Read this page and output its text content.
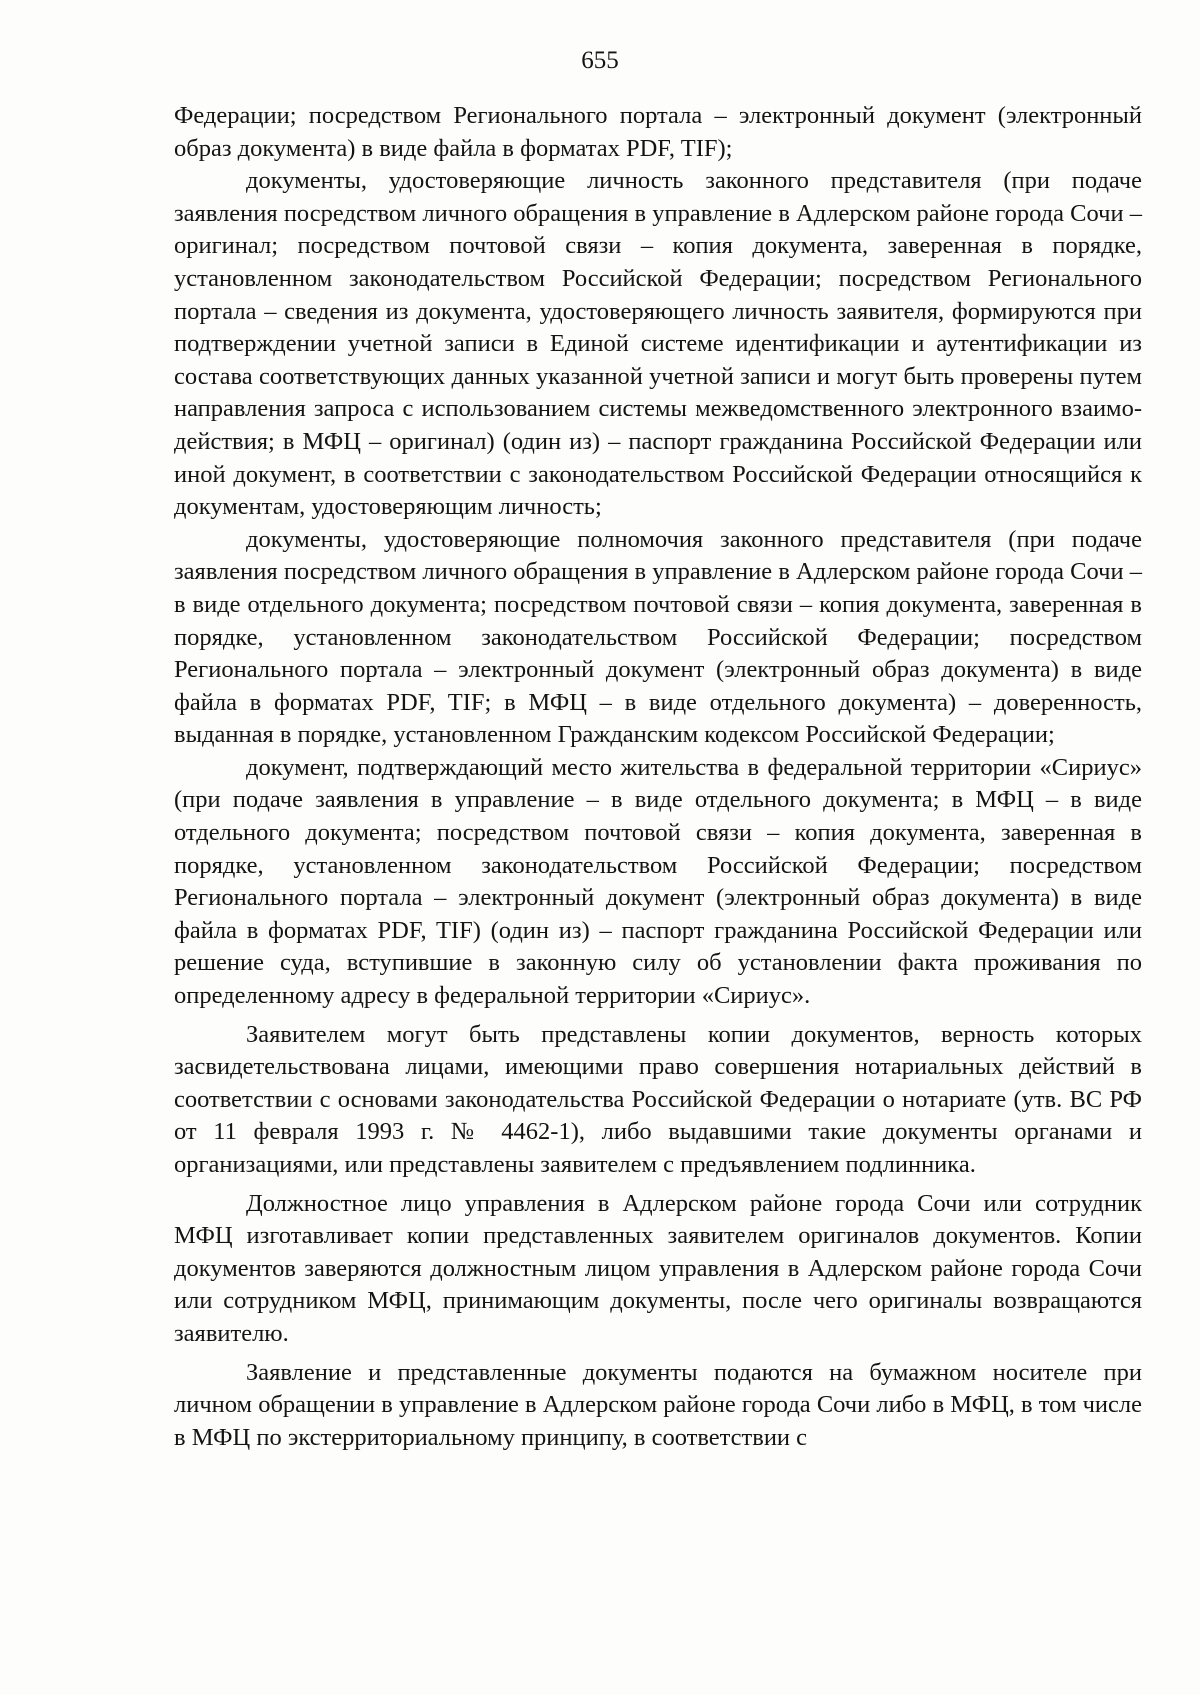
655

Федерации; посредством Регионального портала – электронный документ (электронный образ документа) в виде файла в форматах PDF, TIF);

документы, удостоверяющие личность законного представителя (при подаче заявления посредством личного обращения в управление в Адлерском районе города Сочи – оригинал; посредством почтовой связи – копия документа, заверенная в порядке, установленном законодательством Российской Федерации; посредством Регионального портала – сведения из документа, удостоверяющего личность заявителя, формируются при подтверждении учетной записи в Единой системе идентификации и аутентификации из состава соответствующих данных указанной учетной записи и могут быть проверены путем направления запроса с использованием системы межведомственного электронного взаимодействия; в МФЦ – оригинал) (один из) – паспорт гражданина Российской Федерации или иной документ, в соответствии с законодательством Российской Федерации относящийся к документам, удостоверяющим личность;

документы, удостоверяющие полномочия законного представителя (при подаче заявления посредством личного обращения в управление в Адлерском районе города Сочи – в виде отдельного документа; посредством почтовой связи – копия документа, заверенная в порядке, установленном законодательством Российской Федерации; посредством Регионального портала – электронный документ (электронный образ документа) в виде файла в форматах PDF, TIF; в МФЦ – в виде отдельного документа) – доверенность, выданная в порядке, установленном Гражданским кодексом Российской Федерации;

документ, подтверждающий место жительства в федеральной территории «Сириус» (при подаче заявления в управление – в виде отдельного документа; в МФЦ – в виде отдельного документа; посредством почтовой связи – копия документа, заверенная в порядке, установленном законодательством Российской Федерации; посредством Регионального портала – электронный документ (электронный образ документа) в виде файла в форматах PDF, TIF) (один из) – паспорт гражданина Российской Федерации или решение суда, вступившие в законную силу об установлении факта проживания по определенному адресу в федеральной территории «Сириус».

Заявителем могут быть представлены копии документов, верность которых засвидетельствована лицами, имеющими право совершения нотариальных действий в соответствии с основами законодательства Российской Федерации о нотариате (утв. ВС РФ от 11 февраля 1993 г. № 4462-1), либо выдавшими такие документы органами и организациями, или представлены заявителем с предъявлением подлинника.

Должностное лицо управления в Адлерском районе города Сочи или сотрудник МФЦ изготавливает копии представленных заявителем оригиналов документов. Копии документов заверяются должностным лицом управления в Адлерском районе города Сочи или сотрудником МФЦ, принимающим документы, после чего оригиналы возвращаются заявителю.

Заявление и представленные документы подаются на бумажном носителе при личном обращении в управление в Адлерском районе города Сочи либо в МФЦ, в том числе в МФЦ по экстерриториальному принципу, в соответствии с
